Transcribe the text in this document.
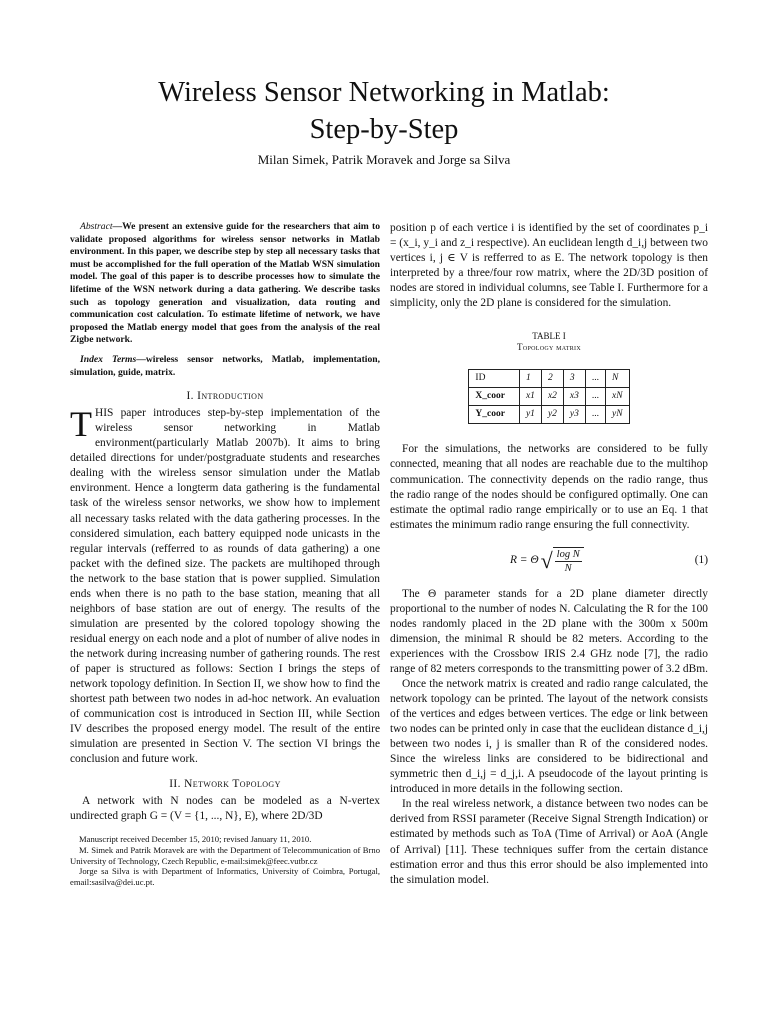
Wireless Sensor Networking in Matlab:
Step-by-Step
Milan Simek, Patrik Moravek and Jorge sa Silva

Abstract—We present an extensive guide for the researchers that aim to validate proposed algorithms for wireless sensor networks in Matlab environment. In this paper, we describe step by step all necessary tasks that must be accomplished for the full operation of the Matlab WSN simulation model. The goal of this paper is to describe processes how to simulate the lifetime of the WSN network during a data gathering. We describe tasks such as topology generation and visualization, data routing and communication cost calculation. To estimate lifetime of network, we have proposed the Matlab energy model that goes from the analysis of the real Zigbe network.

Index Terms—wireless sensor networks, Matlab, implementation, simulation, guide, matrix.

I. Introduction

THIS paper introduces step-by-step implementation of the wireless sensor networking in Matlab environment(particularly Matlab 2007b). It aims to bring detailed directions for under/postgraduate students and researches dealing with the wireless sensor simulation under the Matlab environment. Hence a longterm data gathering is the fundamental task of the wireless sensor networks, we show how to implement all necessary tasks related with the data gathering processes. In the considered simulation, each battery equipped node unicasts in the regular intervals (refferred to as rounds of data gathering) a one packet with the defined size. The packets are multihoped through the network to the base station that is power supplied. Simulation ends when there is no path to the base station, meaning that all neighbors of base station are out of energy. The results of the simulation are presented by the colored topology showing the residual energy on each node and a plot of number of alive nodes in the network during increasing number of gathering rounds. The rest of paper is structured as follows: Section I brings the steps of network topology definition. In Section II, we show how to find the shortest path between two nodes in ad-hoc network. An evaluation of communication cost is introduced in Section III, while Section IV describes the proposed energy model. The result of the entire simulation are presented in Section V. The section VI brings the conclusion and future work.

II. Network Topology

A network with N nodes can be modeled as a N-vertex undirected graph G = (V = {1, ..., N}, E), where 2D/3D

Manuscript received December 15, 2010; revised January 11, 2010.

M. Simek and Patrik Moravek are with the Department of Telecommunication of Brno University of Technology, Czech Republic, e-mail:simek@feec.vutbr.cz

Jorge sa Silva is with Department of Informatics, University of Coimbra, Portugal, email:sasilva@dei.uc.pt.

position p of each vertice i is identified by the set of coordinates p_i = (x_i, y_i and z_i respective). An euclidean length d_i,j between two vertices i, j ∈ V is refferred to as E. The network topology is then interpreted by a three/four row matrix, where the 2D/3D position of nodes are stored in individual columns, see Table I. Furthermore for a simplicity, only the 2D plane is considered for the simulation.

TABLE I
Topology matrix
ID	1	2	3	...	N
X_coor	x1	x2	x3	...	xN
Y_coor	y1	y2	y3	...	yN

For the simulations, the networks are considered to be fully connected, meaning that all nodes are reachable due to the multihop communication. The connectivity depends on the radio range, thus the radio range of the nodes should be configured optimally. One can estimate the optimal radio range empirically or to use an Eq. 1 that estimates the minimum radio range ensuring the full connectivity.

R = Θ √ $\frac{\text{log N}}{N}$	(1)

The Θ parameter stands for a 2D plane diameter directly proportional to the number of nodes N. Calculating the R for the 100 nodes randomly placed in the 2D plane with the 300m x 500m dimension, the minimal R should be 82 meters. According to the experiences with the Crossbow IRIS 2.4 GHz node [7], the radio range of 82 meters corresponds to the transmitting power of 3.2 dBm.

Once the network matrix is created and radio range calculated, the network topology can be printed. The layout of the network consists of the vertices and edges between vertices. The edge or link between two nodes can be printed only in case that the euclidean distance d_i,j between two nodes i, j is smaller than R of the considered nodes. Since the wireless links are considered to be bidirectional and symmetric then d_i,j = d_j,i. A pseudocode of the layout printing is introduced in more details in the following section.

In the real wireless network, a distance between two nodes can be derived from RSSI parameter (Receive Signal Strength Indication) or estimated by methods such as ToA (Time of Arrival) or AoA (Angle of Arrival) [11]. These techniques suffer from the certain distance estimation error and thus this error should be also implemented into the simulation model.
